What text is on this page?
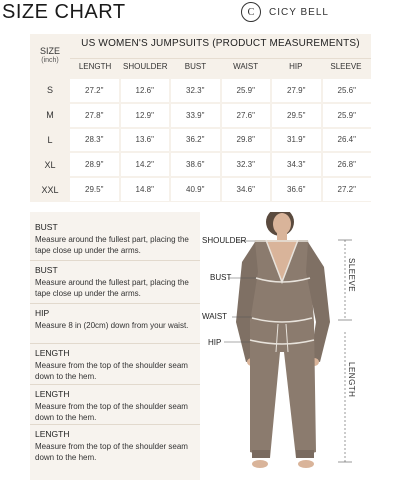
SIZE CHART	C	CICY BELL
SIZE
(inch)
US WOMEN'S JUMPSUITS (PRODUCT MEASUREMENTS)
LENGTH	SHOULDER	BUST	WAIST	HIP	SLEEVE
S	27.2"	12.6"	32.3"	25.9"	27.9"	25.6"
M	27.8"	12.9"	33.9"	27.6"	29.5"	25.9"
L	28.3"	13.6"	36.2"	29.8"	31.9"	26.4"
XL	28.9"	14.2"	38.6"	32.3"	34.3"	26.8"
XXL	29.5"	14.8"	40.9"	34.6"	36.6"	27.2"
BUST
Measure around the fullest part, placing the tape close up under the arms.
BUST
Measure around the fullest part, placing the tape close up under the arms.
HIP
Measure 8 in (20cm) down from your waist.
LENGTH
Measure from the top of the shoulder seam down to the hem.
LENGTH
Measure from the top of the shoulder seam down to the hem.
LENGTH
Measure from the top of the shoulder seam down to the hem.
SHOULDER
BUST
WAIST
HIP
SLEEVE
LENGTH
